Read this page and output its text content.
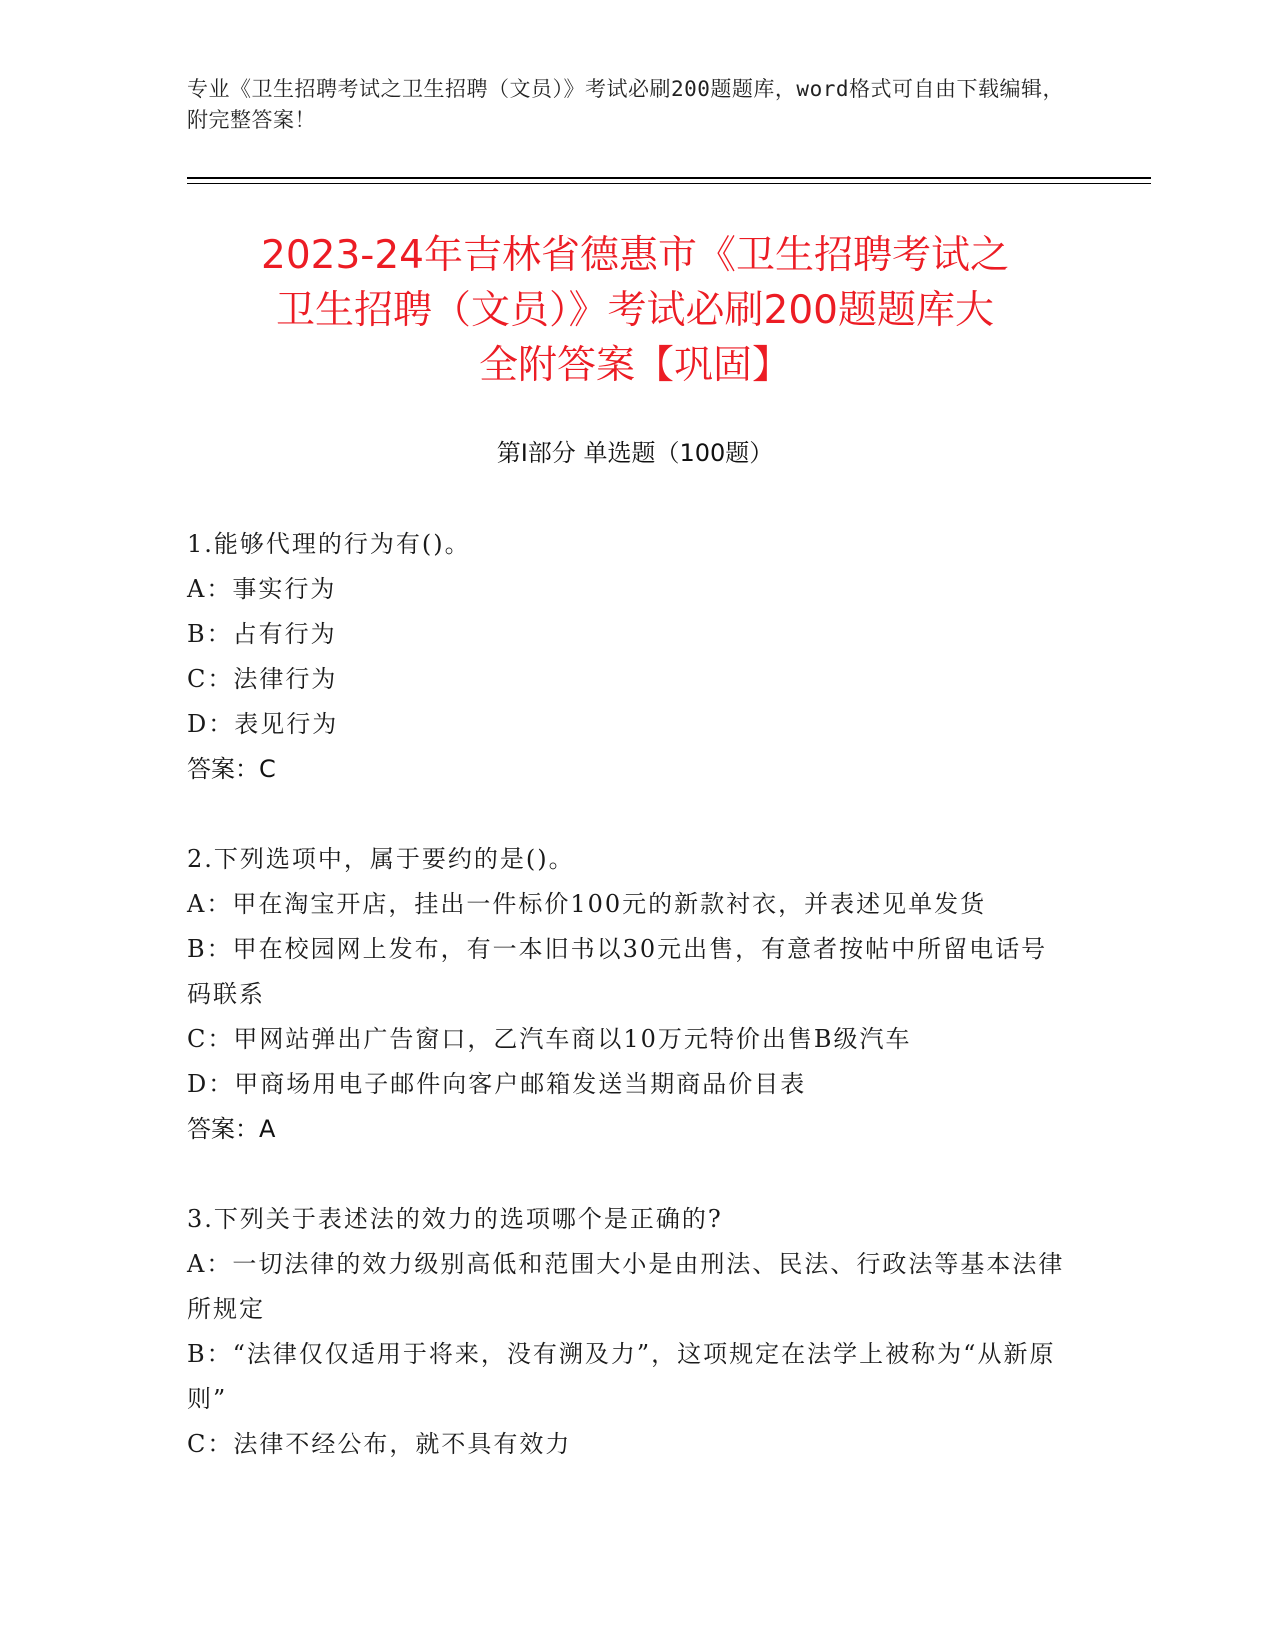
专业《卫生招聘考试之卫生招聘（文员）》考试必刷200题题库，word格式可自由下载编辑，附完整答案！
2023-24年吉林省德惠市《卫生招聘考试之
卫生招聘（文员）》考试必刷200题题库大
全附答案【巩固】
第I部分 单选题（100题）

1.能够代理的行为有()。

A：事实行为

B：占有行为

C：法律行为

D：表见行为

答案：C

2.下列选项中，属于要约的是()。

A：甲在淘宝开店，挂出一件标价100元的新款衬衣，并表述见单发货

B：甲在校园网上发布，有一本旧书以30元出售，有意者按帖中所留电话号码联系

C：甲网站弹出广告窗口，乙汽车商以10万元特价出售B级汽车

D：甲商场用电子邮件向客户邮箱发送当期商品价目表

答案：A

3.下列关于表述法的效力的选项哪个是正确的?

A：一切法律的效力级别高低和范围大小是由刑法、民法、行政法等基本法律所规定

B：“法律仅仅适用于将来，没有溯及力”，这项规定在法学上被称为“从新原则”

C：法律不经公布，就不具有效力
